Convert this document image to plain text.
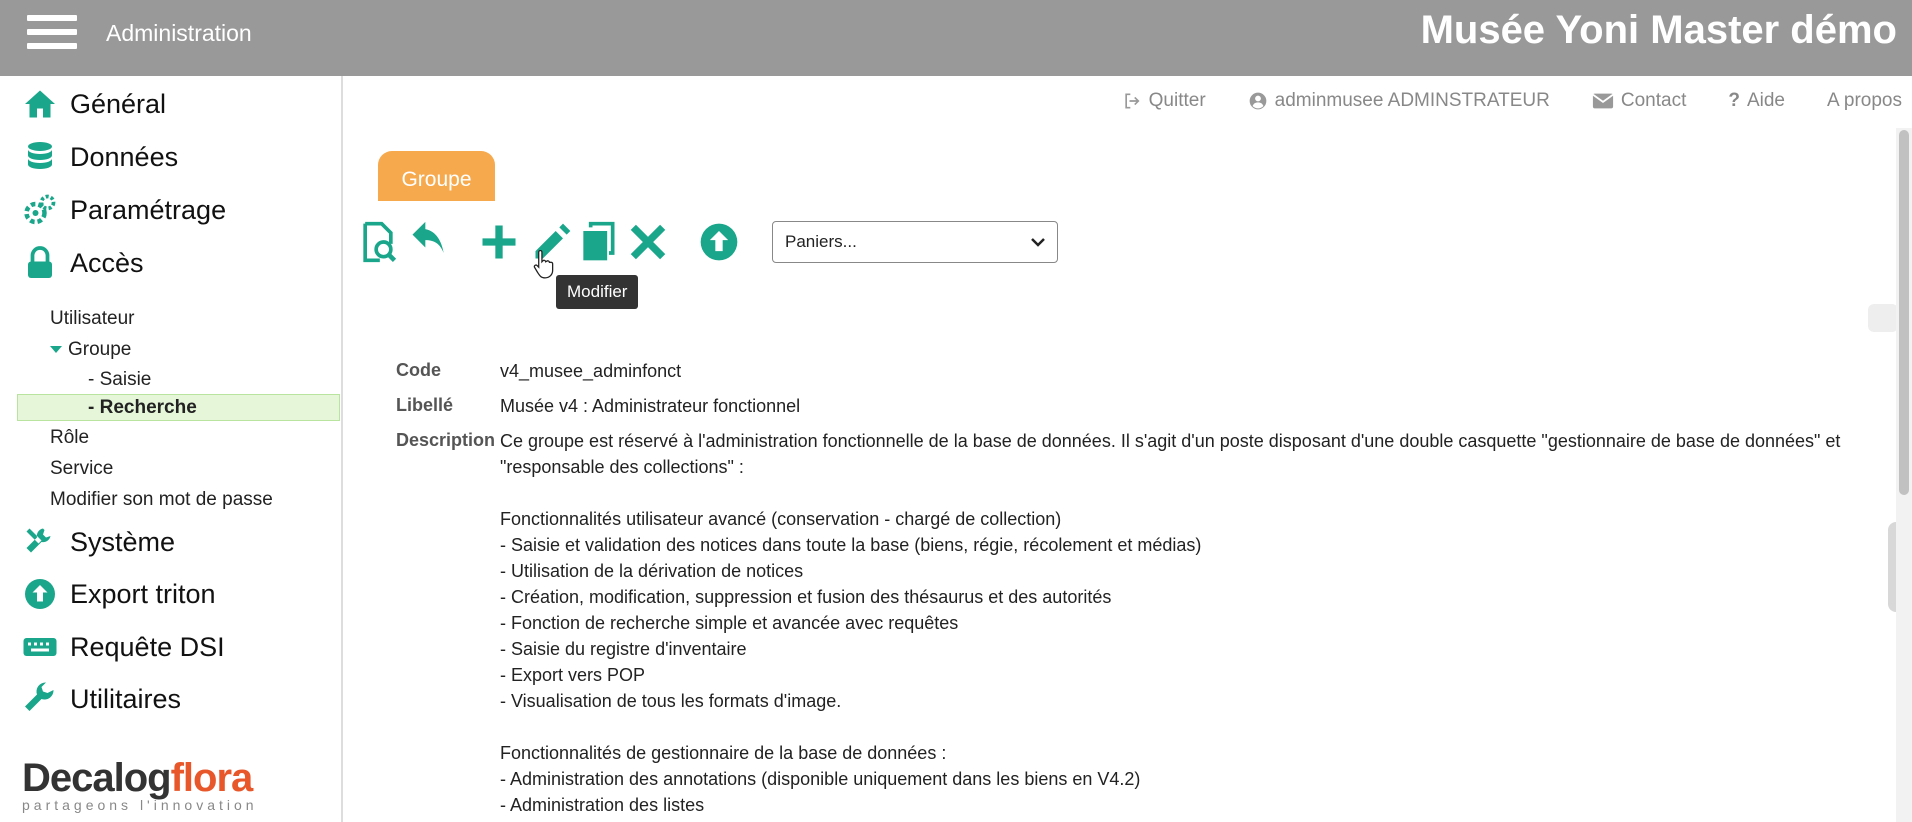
Administration	Musée Yoni Master démo
Général
Données
Paramétrage
Accès
Utilisateur
Groupe
- Saisie
- Recherche
Rôle
Service
Modifier son mot de passe
Système
Export triton
Requête DSI
Utilitaires
Decalogflora
partageons l'innovation
Quitter	adminmusee ADMINSTRATEUR	Contact ? Aide A propos
Groupe
Paniers...
Modifier
Code	v4_musee_adminfonct
Libellé	Musée v4 : Administrateur fonctionnel
Description Ce groupe est réservé à l'administration fonctionnelle de la base de données. Il s'agit d'un poste disposant d'une double casquette "gestionnaire de base de données" et "responsable des collections" :

Fonctionnalités utilisateur avancé (conservation - chargé de collection)
- Saisie et validation des notices dans toute la base (biens, régie, récolement et médias)
- Utilisation de la dérivation de notices
- Création, modification, suppression et fusion des thésaurus et des autorités
- Fonction de recherche simple et avancée avec requêtes
- Saisie du registre d'inventaire
- Export vers POP
- Visualisation de tous les formats d'image.

Fonctionnalités de gestionnaire de la base de données :
- Administration des annotations (disponible uniquement dans les biens en V4.2)
- Administration des listes
